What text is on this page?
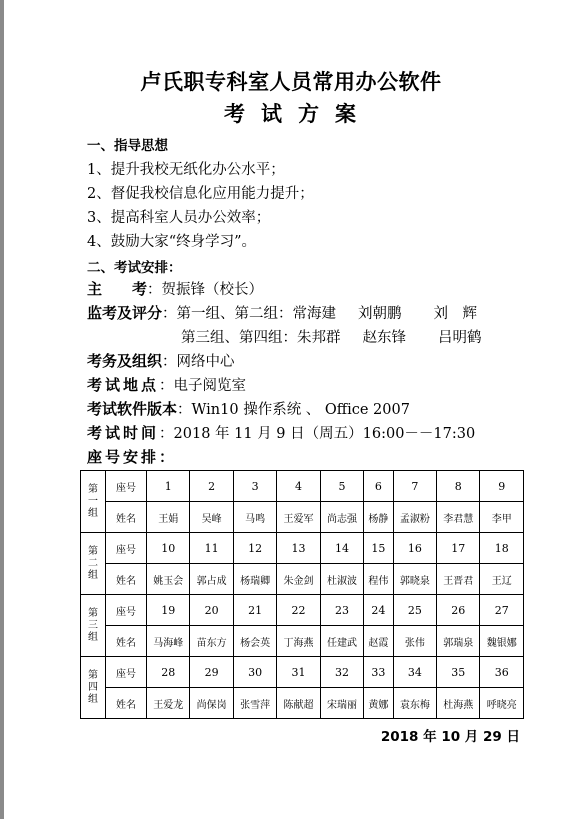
卢氏职专科室人员常用办公软件
考试方案
一、指导思想
1、提升我校无纸化办公水平；
2、督促我校信息化应用能力提升；
3、提高科室人员办公效率；
4、鼓励大家“终身学习”。
二、考试安排：
主　　考：贺振锋（校长）
监考及评分：第一组、第二组：常海建 刘朝鹏 刘　辉
第三组、第四组：朱邦群 赵东锋 吕明鹤
考务及组织：网络中心
考试地点：电子阅览室
考试软件版本：Win10 操作系统 、 Office 2007
考试时间：2018 年 11 月 9 日（周五）16:00－－17:30
座号安排：
第一组	座号	1	2	3	4	5	6	7	8	9
	姓名	王娟	吴峰	马鸣	王爱军	尚志强	杨静	孟淑粉	李君慧	李甲
第二组	座号	10	11	12	13	14	15	16	17	18
	姓名	姚玉会	郭占成	杨瑞卿	朱金剑	杜淑波	程伟	郭晓泉	王晋君	王辽
第三组	座号	19	20	21	22	23	24	25	26	27
	姓名	马海峰	苗东方	杨会英	丁海燕	任建武	赵霞	张伟	郭瑞泉	魏银娜
第四组	座号	28	29	30	31	32	33	34	35	36
	姓名	王爱龙	尚保岗	张雪萍	陈献超	宋瑞丽	黄娜	袁东梅	杜海燕	呼晓亮
2018 年 10 月 29 日
